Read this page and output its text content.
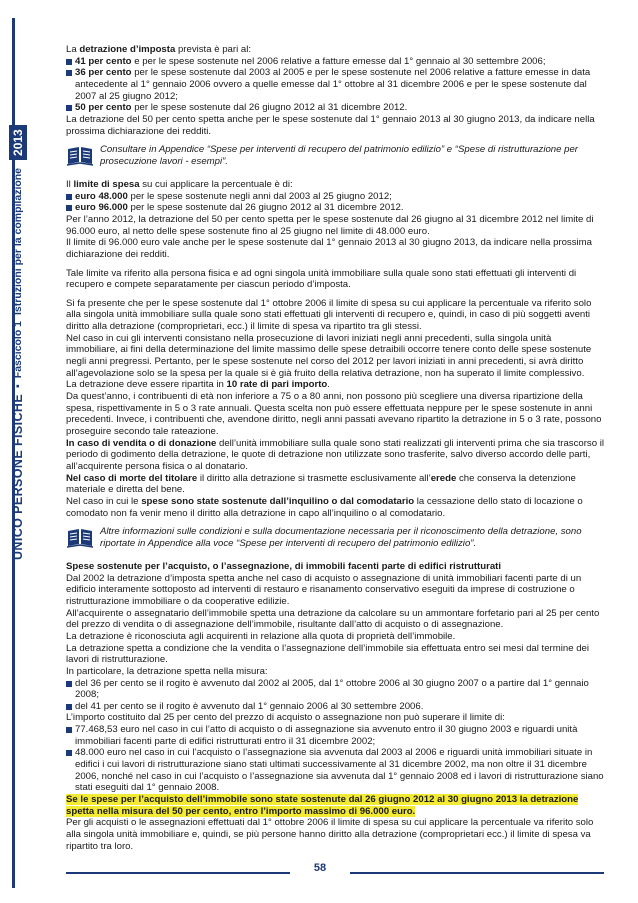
UNICO PERSONE FISICHE
▪
Fascicolo 1
Istruzioni per la compilazione
2013

La detrazione d’imposta prevista è pari al:

41 per cento e per le spese sostenute nel 2006 relative a fatture emesse dal 1° gennaio al 30 settembre 2006;

36 per cento per le spese sostenute dal 2003 al 2005 e per le spese sostenute nel 2006 relative a fatture emesse in data antecedente al 1° gennaio 2006 ovvero a quelle emesse dal 1° ottobre al 31 dicembre 2006 e per le spese sostenute dal 2007 al 25 giugno 2012;

50 per cento per le spese sostenute dal 26 giugno 2012 al 31 dicembre 2012.

La detrazione del 50 per cento spetta anche per le spese sostenute dal 1° gennaio 2013 al 30 giugno 2013, da indicare nella prossima dichiarazione dei redditi.

Consultare in Appendice “Spese per interventi di recupero del patrimonio edilizio” e “Spese di ristrutturazione per prosecuzione lavori - esempi”.

Il limite di spesa su cui applicare la percentuale è di:

euro 48.000 per le spese sostenute negli anni dal 2003 al 25 giugno 2012;

euro 96.000 per le spese sostenute dal 26 giugno 2012 al 31 dicembre 2012.

Per l’anno 2012, la detrazione del 50 per cento spetta per le spese sostenute dal 26 giugno al 31 dicembre 2012 nel limite di 96.000 euro, al netto delle spese sostenute fino al 25 giugno nel limite di 48.000 euro.

Il limite di 96.000 euro vale anche per le spese sostenute dal 1° gennaio 2013 al 30 giugno 2013, da indicare nella prossima dichiarazione dei redditi.

Tale limite va riferito alla persona fisica e ad ogni singola unità immobiliare sulla quale sono stati effettuati gli interventi di recupero e compete separatamente per ciascun periodo d’imposta.

Si fa presente che per le spese sostenute dal 1° ottobre 2006 il limite di spesa su cui applicare la percentuale va riferito solo alla singola unità immobiliare sulla quale sono stati effettuati gli interventi di recupero e, quindi, in caso di più soggetti aventi diritto alla detrazione (comproprietari, ecc.) il limite di spesa va ripartito tra gli stessi.

Nel caso in cui gli interventi consistano nella prosecuzione di lavori iniziati negli anni precedenti, sulla singola unità immobiliare, ai fini della determinazione del limite massimo delle spese detraibili occorre tenere conto delle spese sostenute negli anni pregressi. Pertanto, per le spese sostenute nel corso del 2012 per lavori iniziati in anni precedenti, si avrà diritto all’agevolazione solo se la spesa per la quale si è già fruito della relativa detrazione, non ha superato il limite complessivo.

La detrazione deve essere ripartita in 10 rate di pari importo.

Da quest’anno, i contribuenti di età non inferiore a 75 o a 80 anni, non possono più scegliere una diversa ripartizione della spesa, rispettivamente in 5 o 3 rate annuali. Questa scelta non può essere effettuata neppure per le spese sostenute in anni precedenti. Invece, i contribuenti che, avendone diritto, negli anni passati avevano ripartito la detrazione in 5 o 3 rate, possono proseguire secondo tale rateazione.

In caso di vendita o di donazione dell’unità immobiliare sulla quale sono stati realizzati gli interventi prima che sia trascorso il periodo di godimento della detrazione, le quote di detrazione non utilizzate sono trasferite, salvo diverso accordo delle parti, all’acquirente persona fisica o al donatario.

Nel caso di morte del titolare il diritto alla detrazione si trasmette esclusivamente all’erede che conserva la detenzione materiale e diretta del bene.

Nel caso in cui le spese sono state sostenute dall’inquilino o dal comodatario la cessazione dello stato di locazione o comodato non fa venir meno il diritto alla detrazione in capo all’inquilino o al comodatario.

Altre informazioni sulle condizioni e sulla documentazione necessaria per il riconoscimento della detrazione, sono riportate in Appendice alla voce “Spese per interventi di recupero del patrimonio edilizio”.

Spese sostenute per l’acquisto, o l’assegnazione, di immobili facenti parte di edifici ristrutturati

Dal 2002 la detrazione d’imposta spetta anche nel caso di acquisto o assegnazione di unità immobiliari facenti parte di un edificio interamente sottoposto ad interventi di restauro e risanamento conservativo eseguiti da imprese di costruzione o ristrutturazione immobiliare o da cooperative edilizie.

All’acquirente o assegnatario dell’immobile spetta una detrazione da calcolare su un ammontare forfetario pari al 25 per cento del prezzo di vendita o di assegnazione dell’immobile, risultante dall’atto di acquisto o di assegnazione.

La detrazione è riconosciuta agli acquirenti in relazione alla quota di proprietà dell’immobile.

La detrazione spetta a condizione che la vendita o l’assegnazione dell’immobile sia effettuata entro sei mesi dal termine dei lavori di ristrutturazione.

In particolare, la detrazione spetta nella misura:

del 36 per cento se il rogito è avvenuto dal 2002 al 2005, dal 1° ottobre 2006 al 30 giugno 2007 o a partire dal 1° gennaio 2008;

del 41 per cento se il rogito è avvenuto dal 1° gennaio 2006 al 30 settembre 2006.

L’importo costituito dal 25 per cento del prezzo di acquisto o assegnazione non può superare il limite di:

77.468,53 euro nel caso in cui l’atto di acquisto o di assegnazione sia avvenuto entro il 30 giugno 2003 e riguardi unità immobiliari facenti parte di edifici ristrutturati entro il 31 dicembre 2002;

48.000 euro nel caso in cui l’acquisto o l’assegnazione sia avvenuta dal 2003 al 2006 e riguardi unità immobiliari situate in edifici i cui lavori di ristrutturazione siano stati ultimati successivamente al 31 dicembre 2002, ma non oltre il 31 dicembre 2006, nonché nel caso in cui l’acquisto o l’assegnazione sia avvenuta dal 1° gennaio 2008 ed i lavori di ristrutturazione siano stati eseguiti dal 1° gennaio 2008.

Se le spese per l’acquisto dell’immobile sono state sostenute dal 26 giugno 2012 al 30 giugno 2013 la detrazione spetta nella misura del 50 per cento, entro l’importo massimo di 96.000 euro.

Per gli acquisti o le assegnazioni effettuati dal 1° ottobre 2006 il limite di spesa su cui applicare la percentuale va riferito solo alla singola unità immobiliare e, quindi, se più persone hanno diritto alla detrazione (comproprietari ecc.) il limite di spesa va ripartito tra loro.

58
